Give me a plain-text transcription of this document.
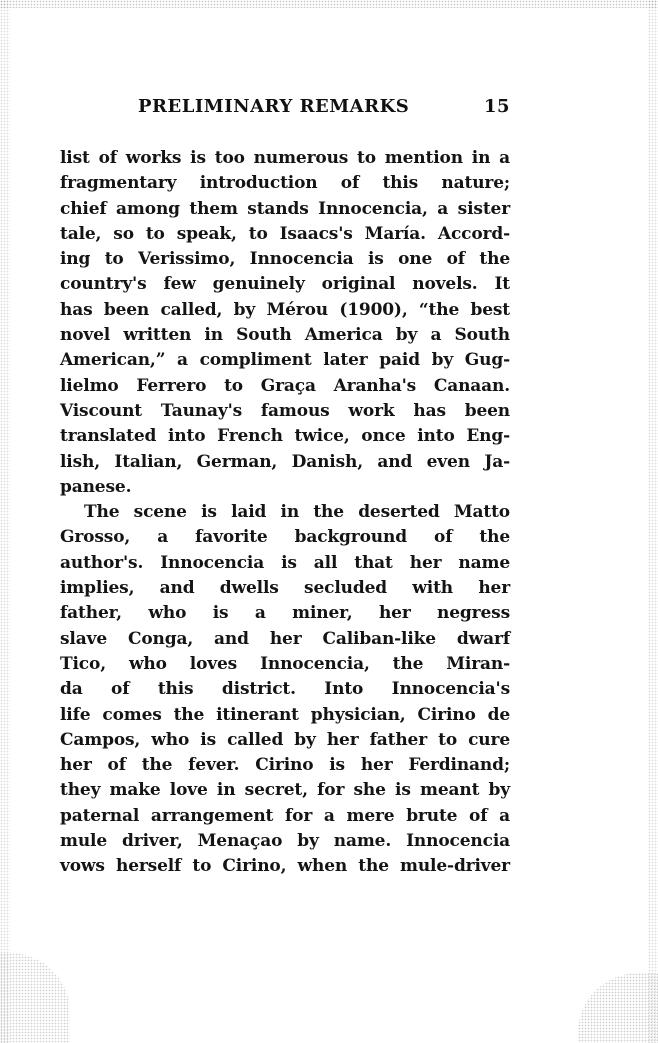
PRELIMINARY REMARKS	15

list of works is too numerous to mention in a
fragmentary introduction of this nature;
chief among them stands Innocencia, a sister
tale, so to speak, to Isaacs's María. Accord-
ing to Verissimo, Innocencia is one of the
country's few genuinely original novels. It
has been called, by Mérou (1900), “the best
novel written in South America by a South
American,” a compliment later paid by Gug-
lielmo Ferrero to Graça Aranha's Canaan.
Viscount Taunay's famous work has been
translated into French twice, once into Eng-
lish, Italian, German, Danish, and even Ja-
panese.

The scene is laid in the deserted Matto
Grosso, a favorite background of the
author's. Innocencia is all that her name
implies, and dwells secluded with her
father, who is a miner, her negress
slave Conga, and her Caliban-like dwarf
Tico, who loves Innocencia, the Miran-
da of this district. Into Innocencia's
life comes the itinerant physician, Cirino de
Campos, who is called by her father to cure
her of the fever. Cirino is her Ferdinand;
they make love in secret, for she is meant by
paternal arrangement for a mere brute of a
mule driver, Menaçao by name. Innocencia
vows herself to Cirino, when the mule-driver
